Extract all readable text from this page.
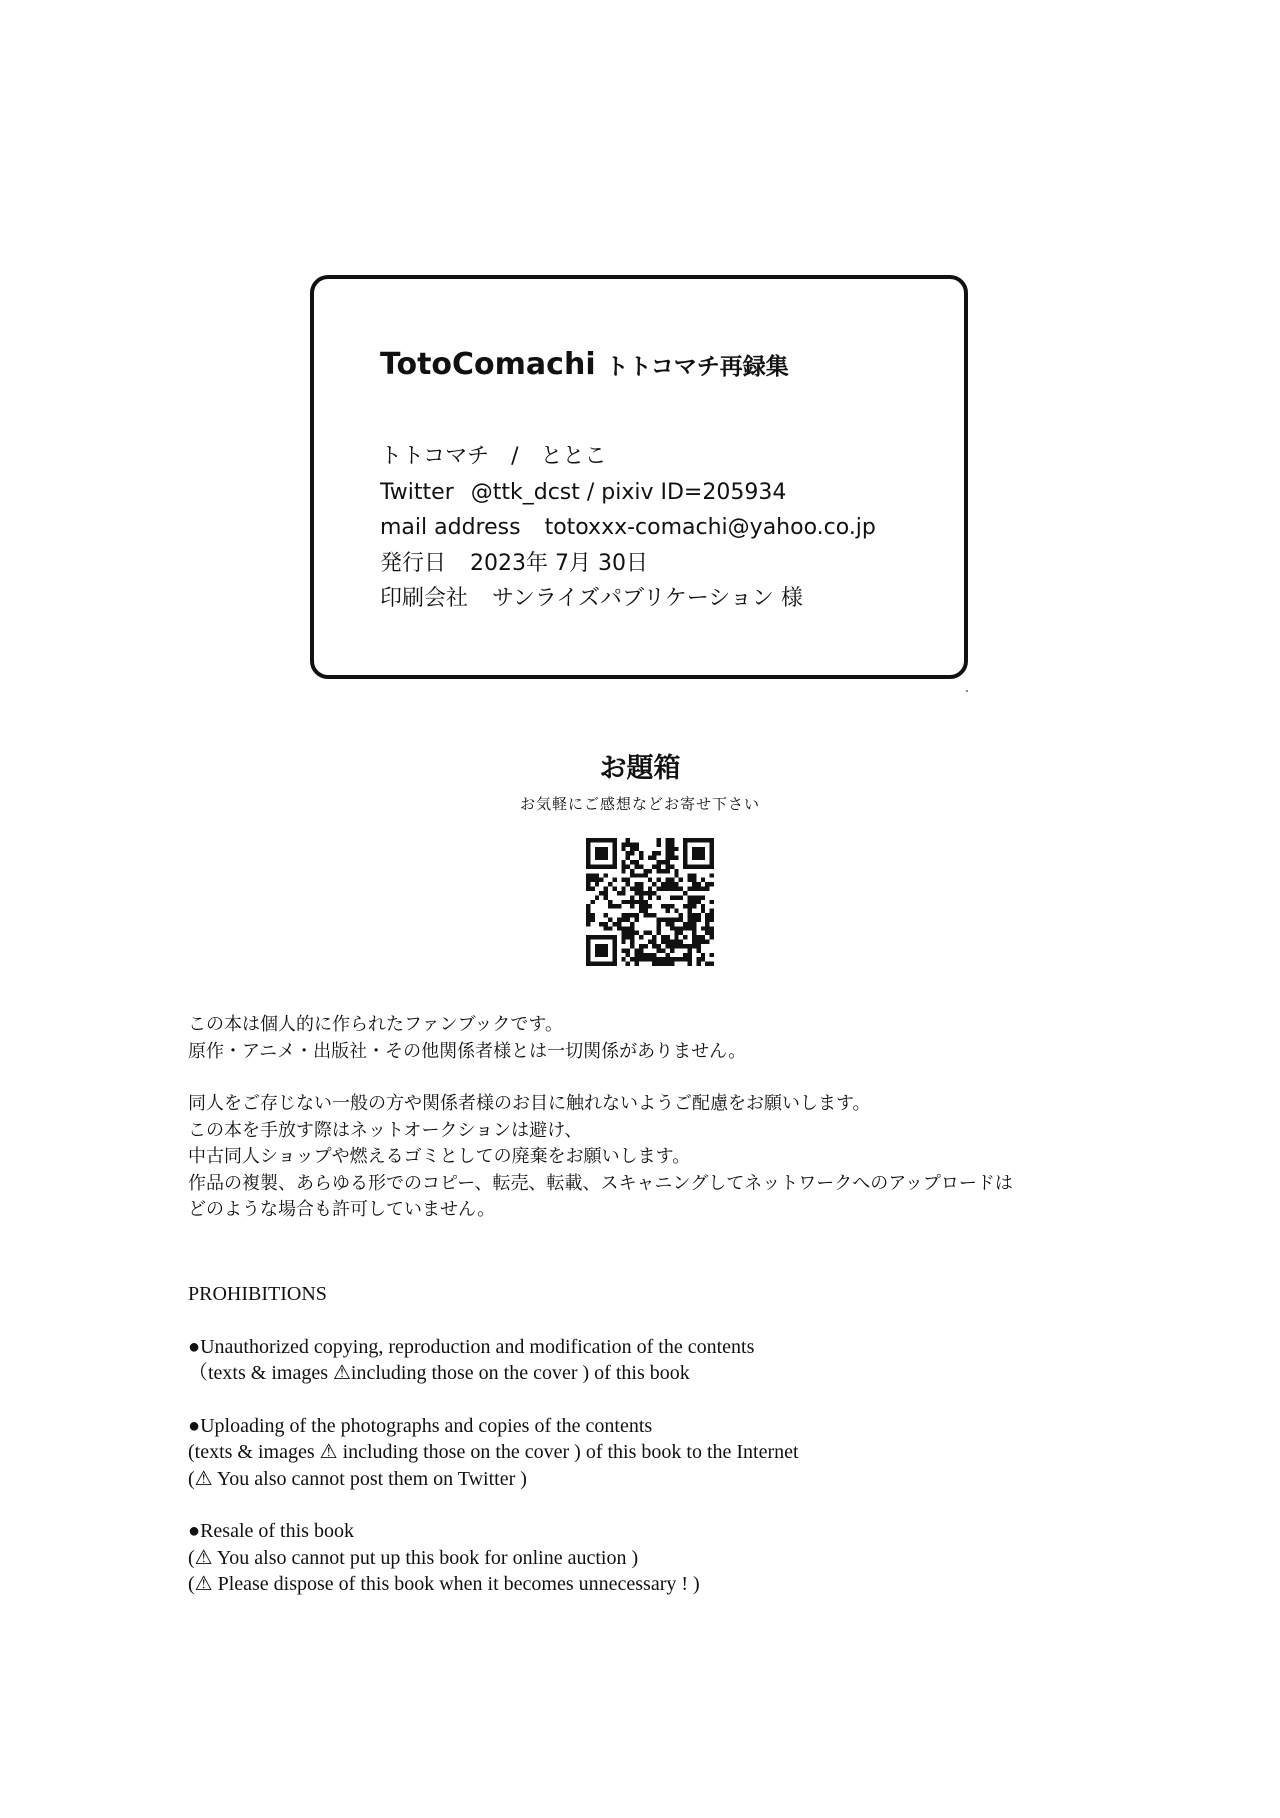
TotoComachi トトコマチ再録集
トトコマチ　/　ととこ
Twitter @ttk_dcst / pixiv ID=205934
mail address totoxxx-comachi@yahoo.co.jp
発行日 2023年 7月 30日
印刷会社 サンライズパブリケーション 様
お題箱
お気軽にご感想などお寄せ下さい
この本は個人的に作られたファンブックです。
原作・アニメ・出版社・その他関係者様とは一切関係がありません。
同人をご存じない一般の方や関係者様のお目に触れないようご配慮をお願いします。
この本を手放す際はネットオークションは避け、
中古同人ショップや燃えるゴミとしての廃棄をお願いします。
作品の複製、あらゆる形でのコピー、転売、転載、スキャニングしてネットワークへのアップロードは
どのような場合も許可していません。
PROHIBITIONS
●Unauthorized copying, reproduction and modification of the contents
（texts & images ⚠including those on the cover ) of this book
●Uploading of the photographs and copies of the contents
(texts & images ⚠ including those on the cover ) of this book to the Internet
(⚠ You also cannot post them on Twitter )
●Resale of this book
(⚠ You also cannot put up this book for online auction )
(⚠ Please dispose of this book when it becomes unnecessary ! )
